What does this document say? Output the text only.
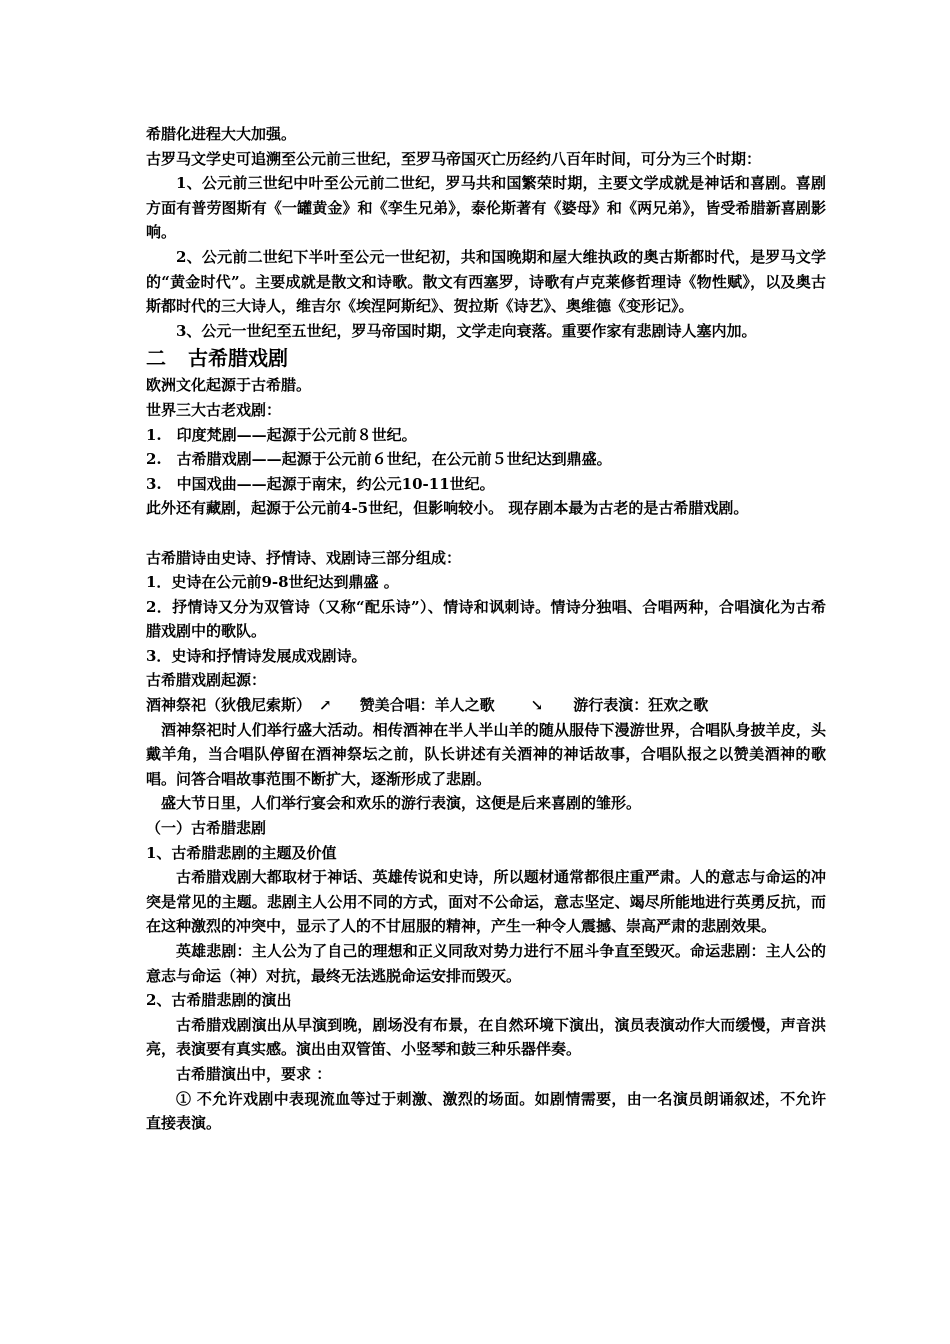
希腊化进程大大加强。

古罗马文学史可追溯至公元前三世纪，至罗马帝国灭亡历经约八百年时间，可分为三个时期：

1、公元前三世纪中叶至公元前二世纪，罗马共和国繁荣时期，主要文学成就是神话和喜剧。喜剧方面有普劳图斯有《一罐黄金》和《孪生兄弟》，泰伦斯著有《婆母》和《两兄弟》，皆受希腊新喜剧影响。

2、公元前二世纪下半叶至公元一世纪初，共和国晚期和屋大维执政的奥古斯都时代，是罗马文学的“黄金时代”。主要成就是散文和诗歌。散文有西塞罗，诗歌有卢克莱修哲理诗《物性赋》，以及奥古斯都时代的三大诗人，维吉尔《埃涅阿斯纪》、贺拉斯《诗艺》、奥维德《变形记》。

3、公元一世纪至五世纪，罗马帝国时期，文学走向衰落。重要作家有悲剧诗人塞内加。

二 古希腊戏剧

欧洲文化起源于古希腊。

世界三大古老戏剧：

1.　印度梵剧——起源于公元前８世纪。

2.　古希腊戏剧——起源于公元前６世纪，在公元前５世纪达到鼎盛。

3.　中国戏曲——起源于南宋，约公元10-11世纪。

此外还有藏剧，起源于公元前4-5世纪，但影响较小。 现存剧本最为古老的是古希腊戏剧。

古希腊诗由史诗、抒情诗、戏剧诗三部分组成：

1．史诗在公元前9-8世纪达到鼎盛 。

2．抒情诗又分为双管诗（又称“配乐诗”）、情诗和讽刺诗。情诗分独唱、合唱两种，合唱演化为古希腊戏剧中的歌队。

3．史诗和抒情诗发展成戏剧诗。

古希腊戏剧起源：

酒神祭祀（狄俄尼索斯） ↗ 赞美合唱：羊人之歌 ↘ 游行表演：狂欢之歌

酒神祭祀时人们举行盛大活动。相传酒神在半人半山羊的随从服侍下漫游世界，合唱队身披羊皮，头戴羊角，当合唱队停留在酒神祭坛之前，队长讲述有关酒神的神话故事，合唱队报之以赞美酒神的歌唱。问答合唱故事范围不断扩大，逐渐形成了悲剧。

盛大节日里，人们举行宴会和欢乐的游行表演，这便是后来喜剧的雏形。

（一）古希腊悲剧

1、古希腊悲剧的主题及价值

古希腊戏剧大都取材于神话、英雄传说和史诗，所以题材通常都很庄重严肃。人的意志与命运的冲突是常见的主题。悲剧主人公用不同的方式，面对不公命运，意志坚定、竭尽所能地进行英勇反抗，而在这种激烈的冲突中，显示了人的不甘屈服的精神，产生一种令人震撼、崇高严肃的悲剧效果。

英雄悲剧：主人公为了自己的理想和正义同敌对势力进行不屈斗争直至毁灭。命运悲剧：主人公的意志与命运（神）对抗，最终无法逃脱命运安排而毁灭。

2、古希腊悲剧的演出

古希腊戏剧演出从早演到晚，剧场没有布景，在自然环境下演出，演员表演动作大而缓慢，声音洪亮，表演要有真实感。演出由双管笛、小竖琴和鼓三种乐器伴奏。

古希腊演出中，要求 ：

① 不允许戏剧中表现流血等过于刺激、激烈的场面。如剧情需要，由一名演员朗诵叙述，不允许直接表演。
